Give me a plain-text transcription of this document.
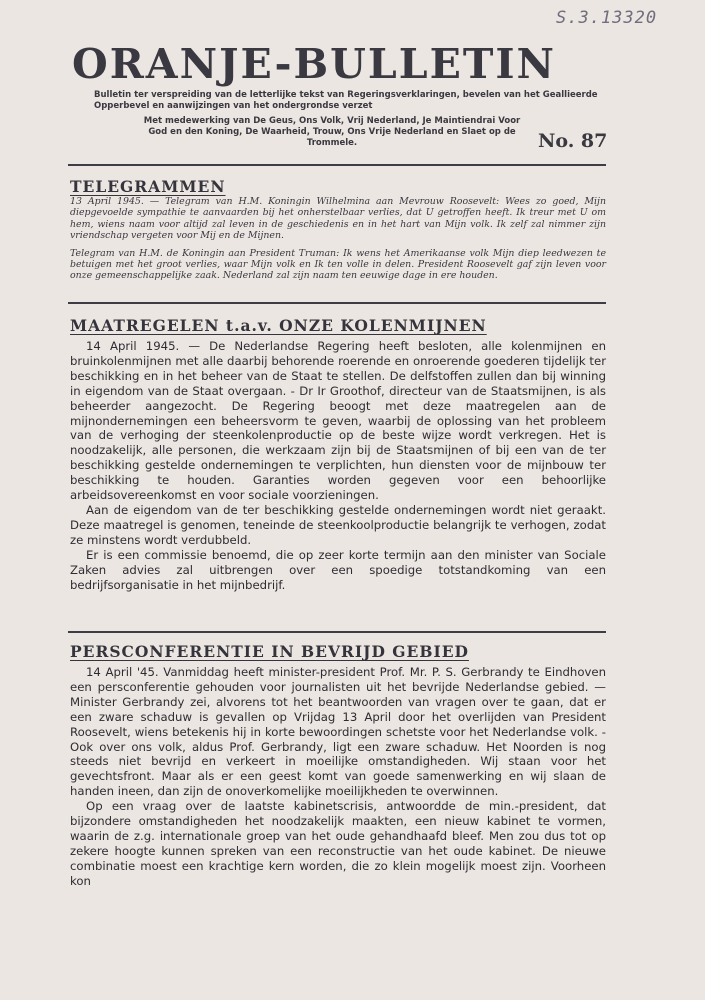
S.3.13320

ORANJE-BULLETIN

Bulletin ter verspreiding van de letterlijke tekst van Regeringsverklaringen, bevelen van het Geallieerde Opperbevel en aanwijzingen van het ondergrondse verzet

Met medewerking van De Geus, Ons Volk, Vrij Nederland, Je Maintiendrai Voor God en den Koning, De Waarheid, Trouw, Ons Vrije Nederland en Slaet op de Trommele.	No. 87

TELEGRAMMEN

13 April 1945. — Telegram van H.M. Koningin Wilhelmina aan Mevrouw Roosevelt: Wees zo goed, Mijn diepgevoelde sympathie te aanvaarden bij het onherstelbaar verlies, dat U getroffen heeft. Ik treur met U om hem, wiens naam voor altijd zal leven in de geschiedenis en in het hart van Mijn volk. Ik zelf zal nimmer zijn vriendschap vergeten voor Mij en de Mijnen.

Telegram van H.M. de Koningin aan President Truman: Ik wens het Amerikaanse volk Mijn diep leedwezen te betuigen met het groot verlies, waar Mijn volk en Ik ten volle in delen. President Roosevelt gaf zijn leven voor onze gemeenschappelijke zaak. Nederland zal zijn naam ten eeuwige dage in ere houden.

MAATREGELEN t.a.v. ONZE KOLENMIJNEN

14 April 1945. — De Nederlandse Regering heeft besloten, alle kolenmijnen en bruinkolenmijnen met alle daarbij behorende roerende en onroerende goederen tijdelijk ter beschikking en in het beheer van de Staat te stellen. De delfstoffen zullen dan bij winning in eigendom van de Staat overgaan. - Dr Ir Groothof, directeur van de Staatsmijnen, is als beheerder aangezocht. De Regering beoogt met deze maatregelen aan de mijnondernemingen een beheersvorm te geven, waarbij de oplossing van het probleem van de verhoging der steenkolenproductie op de beste wijze wordt verkregen. Het is noodzakelijk, alle personen, die werkzaam zijn bij de Staatsmijnen of bij een van de ter beschikking gestelde ondernemingen te verplichten, hun diensten voor de mijnbouw ter beschikking te houden. Garanties worden gegeven voor een behoorlijke arbeidsovereenkomst en voor sociale voorzieningen.

Aan de eigendom van de ter beschikking gestelde ondernemingen wordt niet geraakt. Deze maatregel is genomen, teneinde de steenkoolproductie belangrijk te verhogen, zodat ze minstens wordt verdubbeld.

Er is een commissie benoemd, die op zeer korte termijn aan den minister van Sociale Zaken advies zal uitbrengen over een spoedige totstandkoming van een bedrijfsorganisatie in het mijnbedrijf.

PERSCONFERENTIE IN BEVRIJD GEBIED

14 April '45. Vanmiddag heeft minister-president Prof. Mr. P. S. Gerbrandy te Eindhoven een persconferentie gehouden voor journalisten uit het bevrijde Nederlandse gebied. — Minister Gerbrandy zei, alvorens tot het beantwoorden van vragen over te gaan, dat er een zware schaduw is gevallen op Vrijdag 13 April door het overlijden van President Roosevelt, wiens betekenis hij in korte bewoordingen schetste voor het Nederlandse volk. - Ook over ons volk, aldus Prof. Gerbrandy, ligt een zware schaduw. Het Noorden is nog steeds niet bevrijd en verkeert in moeilijke omstandigheden. Wij staan voor het gevechtsfront. Maar als er een geest komt van goede samenwerking en wij slaan de handen ineen, dan zijn de onoverkomelijke moeilijkheden te overwinnen.

Op een vraag over de laatste kabinetscrisis, antwoordde de min.-president, dat bijzondere omstandigheden het noodzakelijk maakten, een nieuw kabinet te vormen, waarin de z.g. internationale groep van het oude gehandhaafd bleef. Men zou dus tot op zekere hoogte kunnen spreken van een reconstructie van het oude kabinet. De nieuwe combinatie moest een krachtige kern worden, die zo klein mogelijk moest zijn. Voorheen kon
